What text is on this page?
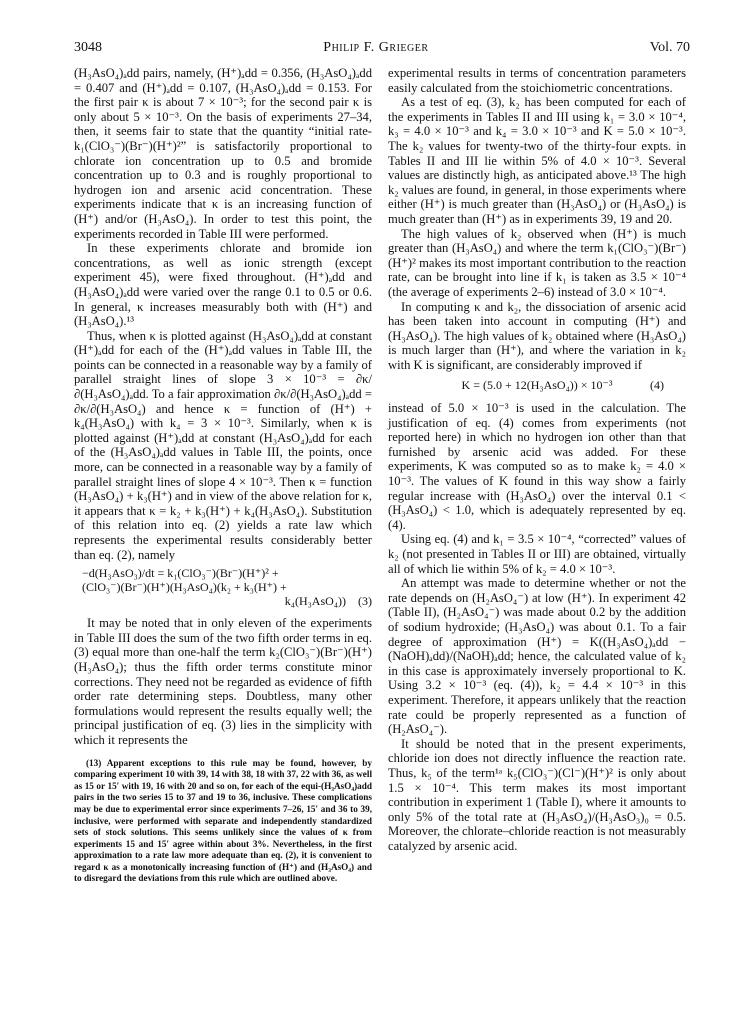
3048	Philip F. Grieger	Vol. 70

(H₃AsO₄)ₐdd pairs, namely, (H⁺)ₐdd = 0.356, (H₃AsO₄)ₐdd = 0.407 and (H⁺)ₐdd = 0.107, (H₃AsO₄)ₐdd = 0.153. For the first pair κ is about 7 × 10⁻³; for the second pair κ is only about 5 × 10⁻³. On the basis of experiments 27–34, then, it seems fair to state that the quantity “initial rate-k₁(ClO₃⁻)(Br⁻)(H⁺)²” is satisfactorily proportional to chlorate ion concentration up to 0.5 and bromide concentration up to 0.3 and is roughly proportional to hydrogen ion and arsenic acid concentration. These experiments indicate that κ is an increasing function of (H⁺) and/or (H₃AsO₄). In order to test this point, the experiments recorded in Table III were performed.

In these experiments chlorate and bromide ion concentrations, as well as ionic strength (except experiment 45), were fixed throughout. (H⁺)ₐdd and (H₃AsO₄)ₐdd were varied over the range 0.1 to 0.5 or 0.6. In general, κ increases measurably both with (H⁺) and (H₃AsO₄).¹³

Thus, when κ is plotted against (H₃AsO₄)ₐdd at constant (H⁺)ₐdd for each of the (H⁺)ₐdd values in Table III, the points can be connected in a reasonable way by a family of parallel straight lines of slope 3 × 10⁻³ = ∂κ/∂(H₃AsO₄)ₐdd. To a fair approximation ∂κ/∂(H₃AsO₄)ₐdd = ∂κ/∂(H₃AsO₄) and hence κ = function of (H⁺) + k₄(H₃AsO₄) with k₄ = 3 × 10⁻³. Similarly, when κ is plotted against (H⁺)ₐdd at constant (H₃AsO₄)ₐdd for each of the (H₃AsO₄)ₐdd values in Table III, the points, once more, can be connected in a reasonable way by a family of parallel straight lines of slope 4 × 10⁻³. Then κ = function (H₃AsO₄) + k₃(H⁺) and in view of the above relation for κ, it appears that κ = k₂ + k₃(H⁺) + k₄(H₃AsO₄). Substitution of this relation into eq. (2) yields a rate law which represents the experimental results considerably better than eq. (2), namely

−d(H₃AsO₃)/dt = k₁(ClO₃⁻)(Br⁻)(H⁺)² +
(ClO₃⁻)(Br⁻)(H⁺)(H₃AsO₄)(k₂ + k₃(H⁺) +
k₄(H₃AsO₄)) (3)

It may be noted that in only eleven of the experiments in Table III does the sum of the two fifth order terms in eq. (3) equal more than one-half the term k₂(ClO₃⁻)(Br⁻)(H⁺)(H₃AsO₄); thus the fifth order terms constitute minor corrections. They need not be regarded as evidence of fifth order rate determining steps. Doubtless, many other formulations would represent the results equally well; the principal justification of eq. (3) lies in the simplicity with which it represents the

(13) Apparent exceptions to this rule may be found, however, by comparing experiment 10 with 39, 14 with 38, 18 with 37, 22 with 36, as well as 15 or 15′ with 19, 16 with 20 and so on, for each of the equi-(H₃AsO₄)add pairs in the two series 15 to 37 and 19 to 36, inclusive. These complications may be due to experimental error since experiments 7–26, 15′ and 36 to 39, inclusive, were performed with separate and independently standardized sets of stock solutions. This seems unlikely since the values of κ from experiments 15 and 15′ agree within about 3%. Nevertheless, in the first approximation to a rate law more adequate than eq. (2), it is convenient to regard κ as a monotonically increasing function of (H⁺) and (H₃AsO₄) and to disregard the deviations from this rule which are outlined above.

experimental results in terms of concentration parameters easily calculated from the stoichiometric concentrations.

As a test of eq. (3), k₂ has been computed for each of the experiments in Tables II and III using k₁ = 3.0 × 10⁻⁴, k₃ = 4.0 × 10⁻³ and k₄ = 3.0 × 10⁻³ and K = 5.0 × 10⁻³. The k₂ values for twenty-two of the thirty-four expts. in Tables II and III lie within 5% of 4.0 × 10⁻³. Several values are distinctly high, as anticipated above.¹³ The high k₂ values are found, in general, in those experiments where either (H⁺) is much greater than (H₃AsO₄) or (H₃AsO₄) is much greater than (H⁺) as in experiments 39, 19 and 20.

The high values of k₂ observed when (H⁺) is much greater than (H₃AsO₄) and where the term k₁(ClO₃⁻)(Br⁻)(H⁺)² makes its most important contribution to the reaction rate, can be brought into line if k₁ is taken as 3.5 × 10⁻⁴ (the average of experiments 2–6) instead of 3.0 × 10⁻⁴.

In computing κ and k₂, the dissociation of arsenic acid has been taken into account in computing (H⁺) and (H₃AsO₄). The high values of k₂ obtained where (H₃AsO₄) is much larger than (H⁺), and where the variation in k₂ with K is significant, are considerably improved if

K = (5.0 + 12(H₃AsO₄)) × 10⁻³	(4)

instead of 5.0 × 10⁻³ is used in the calculation. The justification of eq. (4) comes from experiments (not reported here) in which no hydrogen ion other than that furnished by arsenic acid was added. For these experiments, K was computed so as to make k₂ = 4.0 × 10⁻³. The values of K found in this way show a fairly regular increase with (H₃AsO₄) over the interval 0.1 < (H₃AsO₄) < 1.0, which is adequately represented by eq. (4).

Using eq. (4) and k₁ = 3.5 × 10⁻⁴, “corrected” values of k₂ (not presented in Tables II or III) are obtained, virtually all of which lie within 5% of k₂ = 4.0 × 10⁻³.

An attempt was made to determine whether or not the rate depends on (H₂AsO₄⁻) at low (H⁺). In experiment 42 (Table II), (H₂AsO₄⁻) was made about 0.2 by the addition of sodium hydroxide; (H₃AsO₄) was about 0.1. To a fair degree of approximation (H⁺) = K((H₃AsO₄)ₐdd − (NaOH)ₐdd)/(NaOH)ₐdd; hence, the calculated value of k₂ in this case is approximately inversely proportional to K. Using 3.2 × 10⁻³ (eq. (4)), k₂ = 4.4 × 10⁻³ in this experiment. Therefore, it appears unlikely that the reaction rate could be properly represented as a function of (H₂AsO₄⁻).

It should be noted that in the present experiments, chloride ion does not directly influence the reaction rate. Thus, k₅ of the term¹ᵃ k₅(ClO₃⁻)(Cl⁻)(H⁺)² is only about 1.5 × 10⁻⁴. This term makes its most important contribution in experiment 1 (Table I), where it amounts to only 5% of the total rate at (H₃AsO₄)/(H₃AsO₃)₀ = 0.5. Moreover, the chlorate–chloride reaction is not measurably catalyzed by arsenic acid.
